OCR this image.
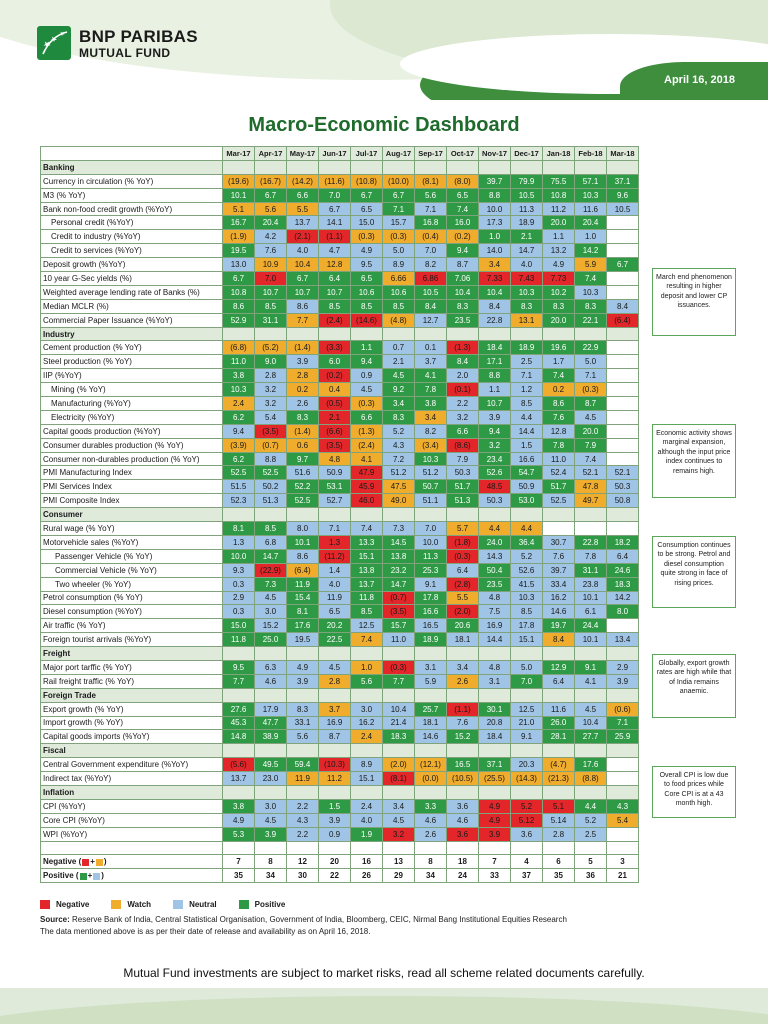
BNP PARIBAS
MUTUAL FUND
April 16, 2018
Macro-Economic Dashboard
	Mar-17	Apr-17	May-17	Jun-17	Jul-17	Aug-17	Sep-17	Oct-17	Nov-17	Dec-17	Jan-18	Feb-18	Mar-18
Banking													
Currency in circulation (% YoY)	(19.6)	(16.7)	(14.2)	(11.6)	(10.8)	(10.0)	(8.1)	(8.0)	39.7	79.9	75.5	57.1	37.1
M3 (% YoY)	10.1	6.7	6.6	7.0	6.7	6.7	5.6	6.5	8.8	10.5	10.8	10.3	9.6
Bank non-food credit growth (%YoY)	5.1	5.6	5.5	6.7	6.5	7.1	7.1	7.4	10.0	11.3	11.2	11.6	10.5
Personal credit (%YoY)	16.7	20.4	13.7	14.1	15.0	15.7	16.8	16.0	17.3	18.9	20.0	20.4	
Credit to industry (%YoY)	(1.9)	4.2	(2.1)	(1.1)	(0.3)	(0.3)	(0.4)	(0.2)	1.0	2.1	1.1	1.0	
Credit to services (%YoY)	19.5	7.6	4.0	4.7	4.9	5.0	7.0	9.4	14.0	14.7	13.2	14.2	
Deposit growth (%YoY)	13.0	10.9	10.4	12.8	9.5	8.9	8.2	8.7	3.4	4.0	4.9	5.9	6.7
10 year G-Sec yields (%)	6.7	7.0	6.7	6.4	6.5	6.66	6.86	7.06	7.33	7.43	7.73	7.4	
Weighted average lending rate of Banks (%)	10.8	10.7	10.7	10.7	10.6	10.6	10.5	10.4	10.4	10.3	10.2	10.3	
Median MCLR (%)	8.6	8.5	8.6	8.5	8.5	8.5	8.4	8.3	8.4	8.3	8.3	8.3	8.4
Commercial Paper Issuance (%YoY)	52.9	31.1	7.7	(2.4)	(14.6)	(4.8)	12.7	23.5	22.8	13.1	20.0	22.1	(6.4)
Industry													
Cement production (% YoY)	(6.8)	(5.2)	(1.4)	(3.3)	1.1	0.7	0.1	(1.3)	18.4	18.9	19.6	22.9	
Steel production (% YoY)	11.0	9.0	3.9	6.0	9.4	2.1	3.7	8.4	17.1	2.5	1.7	5.0	
IIP (%YoY)	3.8	2.8	2.8	(0.2)	0.9	4.5	4.1	2.0	8.8	7.1	7.4	7.1	
Mining (% YoY)	10.3	3.2	0.2	0.4	4.5	9.2	7.8	(0.1)	1.1	1.2	0.2	(0.3)	
Manufacturing (%YoY)	2.4	3.2	2.6	(0.5)	(0.3)	3.4	3.8	2.2	10.7	8.5	8.6	8.7	
Electricity (%YoY)	6.2	5.4	8.3	2.1	6.6	8.3	3.4	3.2	3.9	4.4	7.6	4.5	
Capital goods production (%YoY)	9.4	(3.5)	(1.4)	(6.6)	(1.3)	5.2	8.2	6.6	9.4	14.4	12.8	20.0	
Consumer durables production (% YoY)	(3.9)	(0.7)	0.6	(3.5)	(2.4)	4.3	(3.4)	(8.6)	3.2	1.5	7.8	7.9	
Consumer non-durables production (% YoY)	6.2	8.8	9.7	4.8	4.1	7.2	10.3	7.9	23.4	16.6	11.0	7.4	
PMI Manufacturing Index	52.5	52.5	51.6	50.9	47.9	51.2	51.2	50.3	52.6	54.7	52.4	52.1	52.1
PMI Services Index	51.5	50.2	52.2	53.1	45.9	47.5	50.7	51.7	48.5	50.9	51.7	47.8	50.3
PMI Composite Index	52.3	51.3	52.5	52.7	46.0	49.0	51.1	51.3	50.3	53.0	52.5	49.7	50.8
Consumer													
Rural wage (% YoY)	8.1	8.5	8.0	7.1	7.4	7.3	7.0	5.7	4.4	4.4			
Motorvehicle sales (%YoY)	1.3	6.8	10.1	1.3	13.3	14.5	10.0	(1.8)	24.0	36.4	30.7	22.8	18.2
Passenger Vehicle (% YoY)	10.0	14.7	8.6	(11.2)	15.1	13.8	11.3	(0.3)	14.3	5.2	7.6	7.8	6.4
Commercial Vehicle (% YoY)	9.3	(22.9)	(6.4)	1.4	13.8	23.2	25.3	6.4	50.4	52.6	39.7	31.1	24.6
Two wheeler (% YoY)	0.3	7.3	11.9	4.0	13.7	14.7	9.1	(2.8)	23.5	41.5	33.4	23.8	18.3
Petrol consumption (% YoY)	2.9	4.5	15.4	11.9	11.8	(0.7)	17.8	5.5	4.8	10.3	16.2	10.1	14.2
Diesel consumption (%YoY)	0.3	3.0	8.1	6.5	8.5	(3.5)	16.6	(2.0)	7.5	8.5	14.6	6.1	8.0
Air traffic (% YoY)	15.0	15.2	17.6	20.2	12.5	15.7	16.5	20.6	16.9	17.8	19.7	24.4	
Foreign tourist arrivals (%YoY)	11.8	25.0	19.5	22.5	7.4	11.0	18.9	18.1	14.4	15.1	8.4	10.1	13.4
Freight													
Major port tarffic (% YoY)	9.5	6.3	4.9	4.5	1.0	(0.3)	3.1	3.4	4.8	5.0	12.9	9.1	2.9
Rail freight traffic (% YoY)	7.7	4.6	3.9	2.8	5.6	7.7	5.9	2.6	3.1	7.0	6.4	4.1	3.9
Foreign Trade													
Export growth (% YoY)	27.6	17.9	8.3	3.7	3.0	10.4	25.7	(1.1)	30.1	12.5	11.6	4.5	(0.6)
Import growth (% YoY)	45.3	47.7	33.1	16.9	16.2	21.4	18.1	7.6	20.8	21.0	26.0	10.4	7.1
Capital goods imports (%YoY)	14.8	38.9	5.6	8.7	2.4	18.3	14.6	15.2	18.4	9.1	28.1	27.7	25.9
Fiscal													
Central Government expenditure (%YoY)	(5.6)	49.5	59.4	(10.3)	8.9	(2.0)	(12.1)	16.5	37.1	20.3	(4.7)	17.6	
Indirect tax (%YoY)	13.7	23.0	11.9	11.2	15.1	(8.1)	(0.0)	(10.5)	(25.5)	(14.3)	(21.3)	(8.8)	
Inflation													
CPI (%YoY)	3.8	3.0	2.2	1.5	2.4	3.4	3.3	3.6	4.9	5.2	5.1	4.4	4.3
Core CPI (%YoY)	4.9	4.5	4.3	3.9	4.0	4.5	4.6	4.6	4.9	5.12	5.14	5.2	5.4
WPI (%YoY)	5.3	3.9	2.2	0.9	1.9	3.2	2.6	3.6	3.9	3.6	2.8	2.5	

Negative ( + )	7	8	12	20	16	13	8	18	7	4	6	5	3
Positive ( + )	35	34	30	22	26	29	34	24	33	37	35	36	21
March end phenomenon resulting in higher deposit and lower CP issuances.
Economic activity shows marginal expansion, although the input price index continues to remains high.
Consumption continues to be strong. Petrol and diesel consumption quite strong in face of rising prices.
Globally, export growth rates are high while that of India remains anaemic.
Overall CPI is low due to food prices while Core CPI is at a 43 month high.
Negative	Watch	Neutral	Positive
Source: Reserve Bank of India, Central Statistical Organisation, Government of India, Bloomberg, CEIC, Nirmal Bang Institutional Equities Research
The data mentioned above is as per their date of release and availability as on April 16, 2018.
Mutual Fund investments are subject to market risks, read all scheme related documents carefully.
